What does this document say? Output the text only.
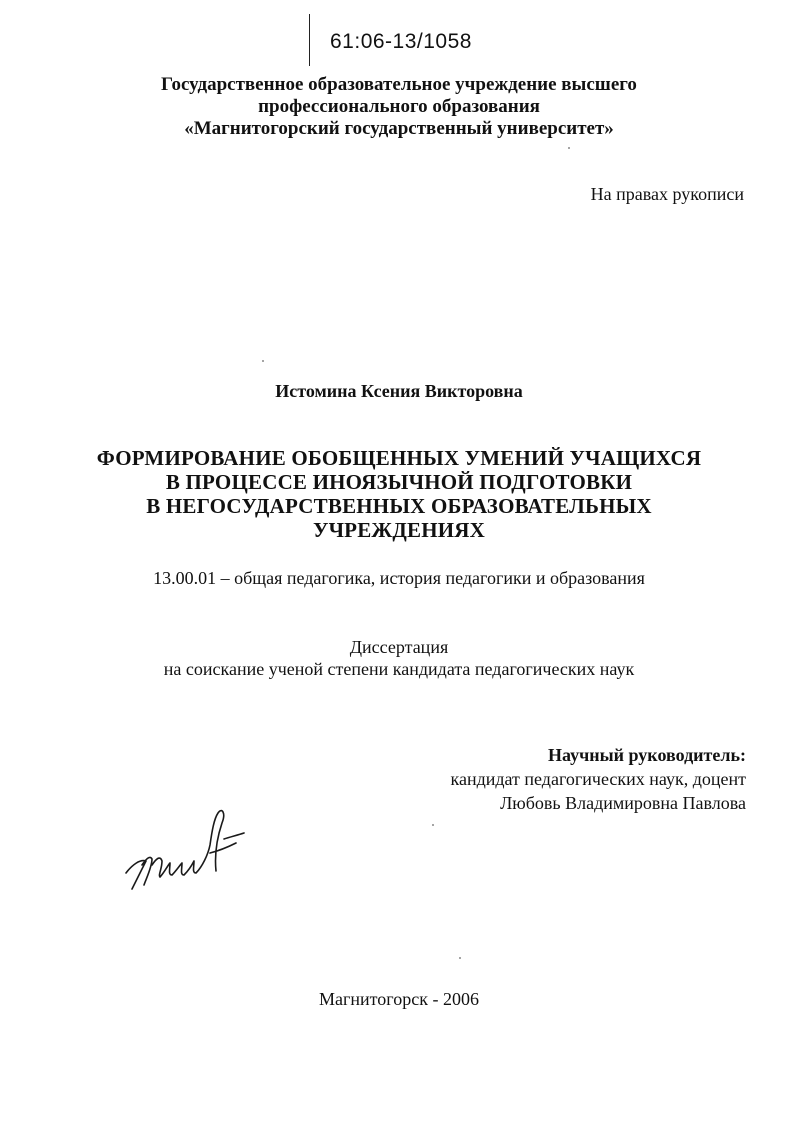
61:06-13/1058
Государственное образовательное учреждение высшего
профессионального образования
«Магнитогорский государственный университет»
На правах рукописи
Истомина Ксения Викторовна
ФОРМИРОВАНИЕ ОБОБЩЕННЫХ УМЕНИЙ УЧАЩИХСЯ
В ПРОЦЕССЕ ИНОЯЗЫЧНОЙ ПОДГОТОВКИ
В НЕГОСУДАРСТВЕННЫХ ОБРАЗОВАТЕЛЬНЫХ
УЧРЕЖДЕНИЯХ
13.00.01 – общая педагогика, история педагогики и образования
Диссертация
на соискание ученой степени кандидата педагогических наук
Научный руководитель:
кандидат педагогических наук, доцент
Любовь Владимировна Павлова
Магнитогорск - 2006
